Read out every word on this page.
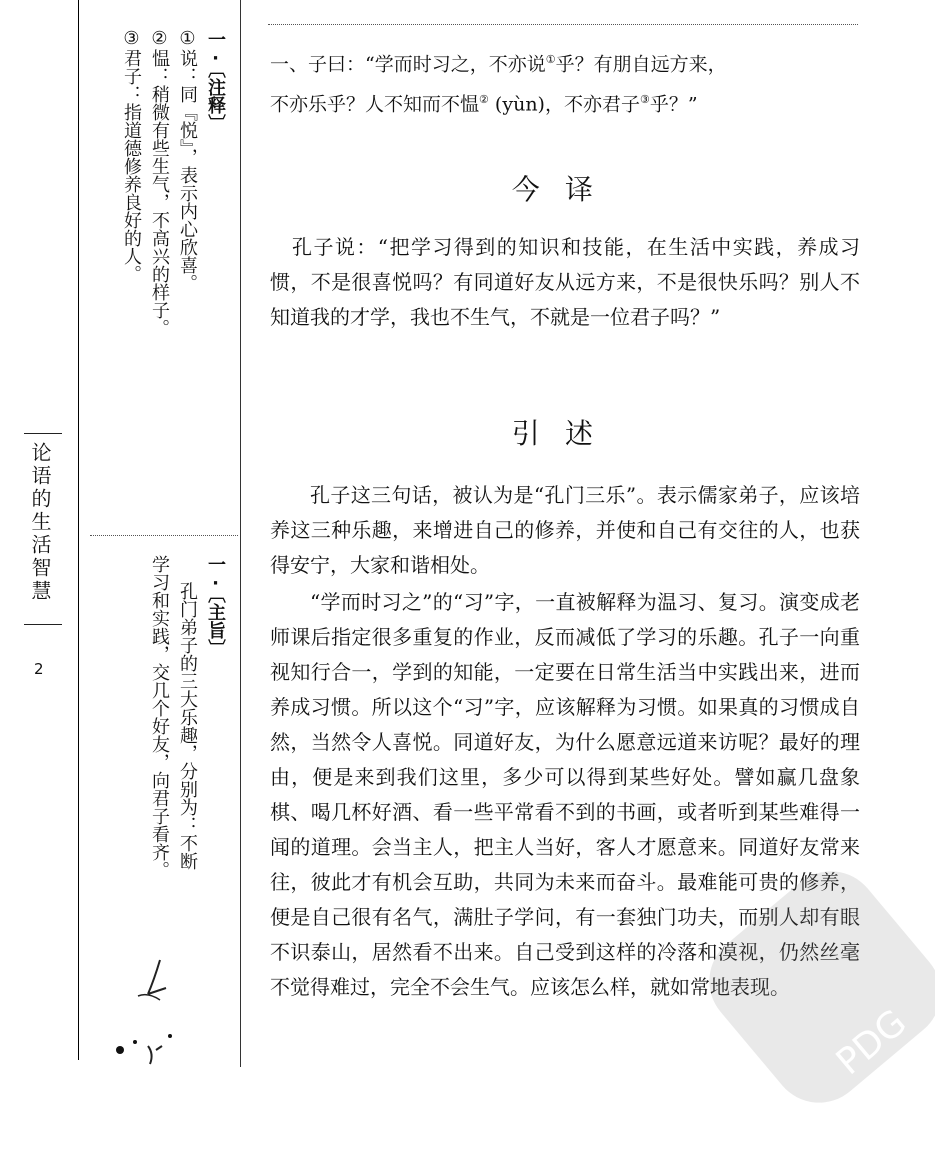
论语的生活智慧
2
一·〔注释〕
①说：同『悦』，表示内心欣喜。
②愠：稍微有些生气，不高兴的样子。
③君子：指道德修养良好的人。
一·〔主旨〕
孔门弟子的三大乐趣，分别为：不断
学习和实践，交几个好友，向君子看齐。

一、子曰：“学而时习之，不亦说①乎？有朋自远方来，
不亦乐乎？人不知而不愠② (yùn)，不亦君子③乎？”

今译

孔子说：“把学习得到的知识和技能，在生活中实践，养成习惯，不是很喜悦吗？有同道好友从远方来，不是很快乐吗？别人不知道我的才学，我也不生气，不就是一位君子吗？”

引述

孔子这三句话，被认为是“孔门三乐”。表示儒家弟子，应该培养这三种乐趣，来增进自己的修养，并使和自己有交往的人，也获得安宁，大家和谐相处。

“学而时习之”的“习”字，一直被解释为温习、复习。演变成老师课后指定很多重复的作业，反而减低了学习的乐趣。孔子一向重视知行合一，学到的知能，一定要在日常生活当中实践出来，进而养成习惯。所以这个“习”字，应该解释为习惯。如果真的习惯成自然，当然令人喜悦。同道好友，为什么愿意远道来访呢？最好的理由，便是来到我们这里，多少可以得到某些好处。譬如赢几盘象棋、喝几杯好酒、看一些平常看不到的书画，或者听到某些难得一闻的道理。会当主人，把主人当好，客人才愿意来。同道好友常来往，彼此才有机会互助，共同为未来而奋斗。最难能可贵的修养，便是自己很有名气，满肚子学问，有一套独门功夫，而别人却有眼不识泰山，居然看不出来。自己受到这样的冷落和漠视，仍然丝毫不觉得难过，完全不会生气。应该怎么样，就如常地表现。

PDG
